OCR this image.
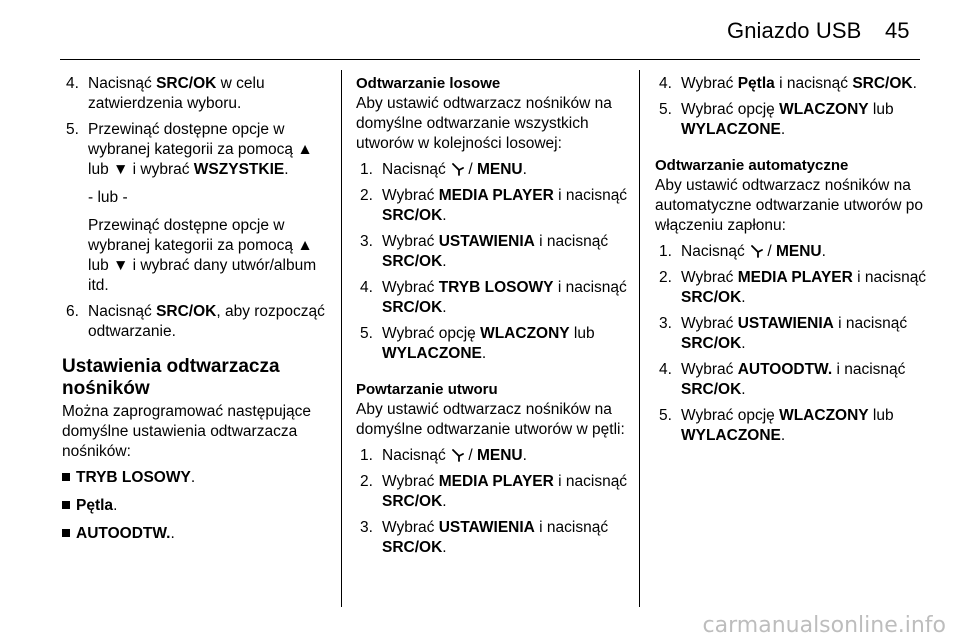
Gniazdo USB 45
4. Nacisnąć SRC/OK w celu zatwierdzenia wyboru.
5. Przewinąć dostępne opcje w wybranej kategorii za pomocą ▲ lub ▼ i wybrać WSZYSTKIE.
- lub -
Przewinąć dostępne opcje w wybranej kategorii za pomocą ▲ lub ▼ i wybrać dany utwór/album itd.
6. Nacisnąć SRC/OK, aby rozpocząć odtwarzanie.
Ustawienia odtwarzacza nośników
Można zaprogramować następujące domyślne ustawienia odtwarzacza nośników:
TRYB LOSOWY.
Pętla.
AUTOODTW..
Odtwarzanie losowe
Aby ustawić odtwarzacz nośników na domyślne odtwarzanie wszystkich utworów w kolejności losowej:
1. Nacisnąć  / MENU.
2. Wybrać MEDIA PLAYER i nacisnąć SRC/OK.
3. Wybrać USTAWIENIA i nacisnąć SRC/OK.
4. Wybrać TRYB LOSOWY i nacisnąć SRC/OK.
5. Wybrać opcję WLACZONY lub WYLACZONE.
Powtarzanie utworu
Aby ustawić odtwarzacz nośników na domyślne odtwarzanie utworów w pętli:
1. Nacisnąć  / MENU.
2. Wybrać MEDIA PLAYER i nacisnąć SRC/OK.
3. Wybrać USTAWIENIA i nacisnąć SRC/OK.
4. Wybrać Pętla i nacisnąć SRC/OK.
5. Wybrać opcję WLACZONY lub WYLACZONE.
Odtwarzanie automatyczne
Aby ustawić odtwarzacz nośników na automatyczne odtwarzanie utworów po włączeniu zapłonu:
1. Nacisnąć  / MENU.
2. Wybrać MEDIA PLAYER i nacisnąć SRC/OK.
3. Wybrać USTAWIENIA i nacisnąć SRC/OK.
4. Wybrać AUTOODTW. i nacisnąć SRC/OK.
5. Wybrać opcję WLACZONY lub WYLACZONE.
carmanualsonline.info
